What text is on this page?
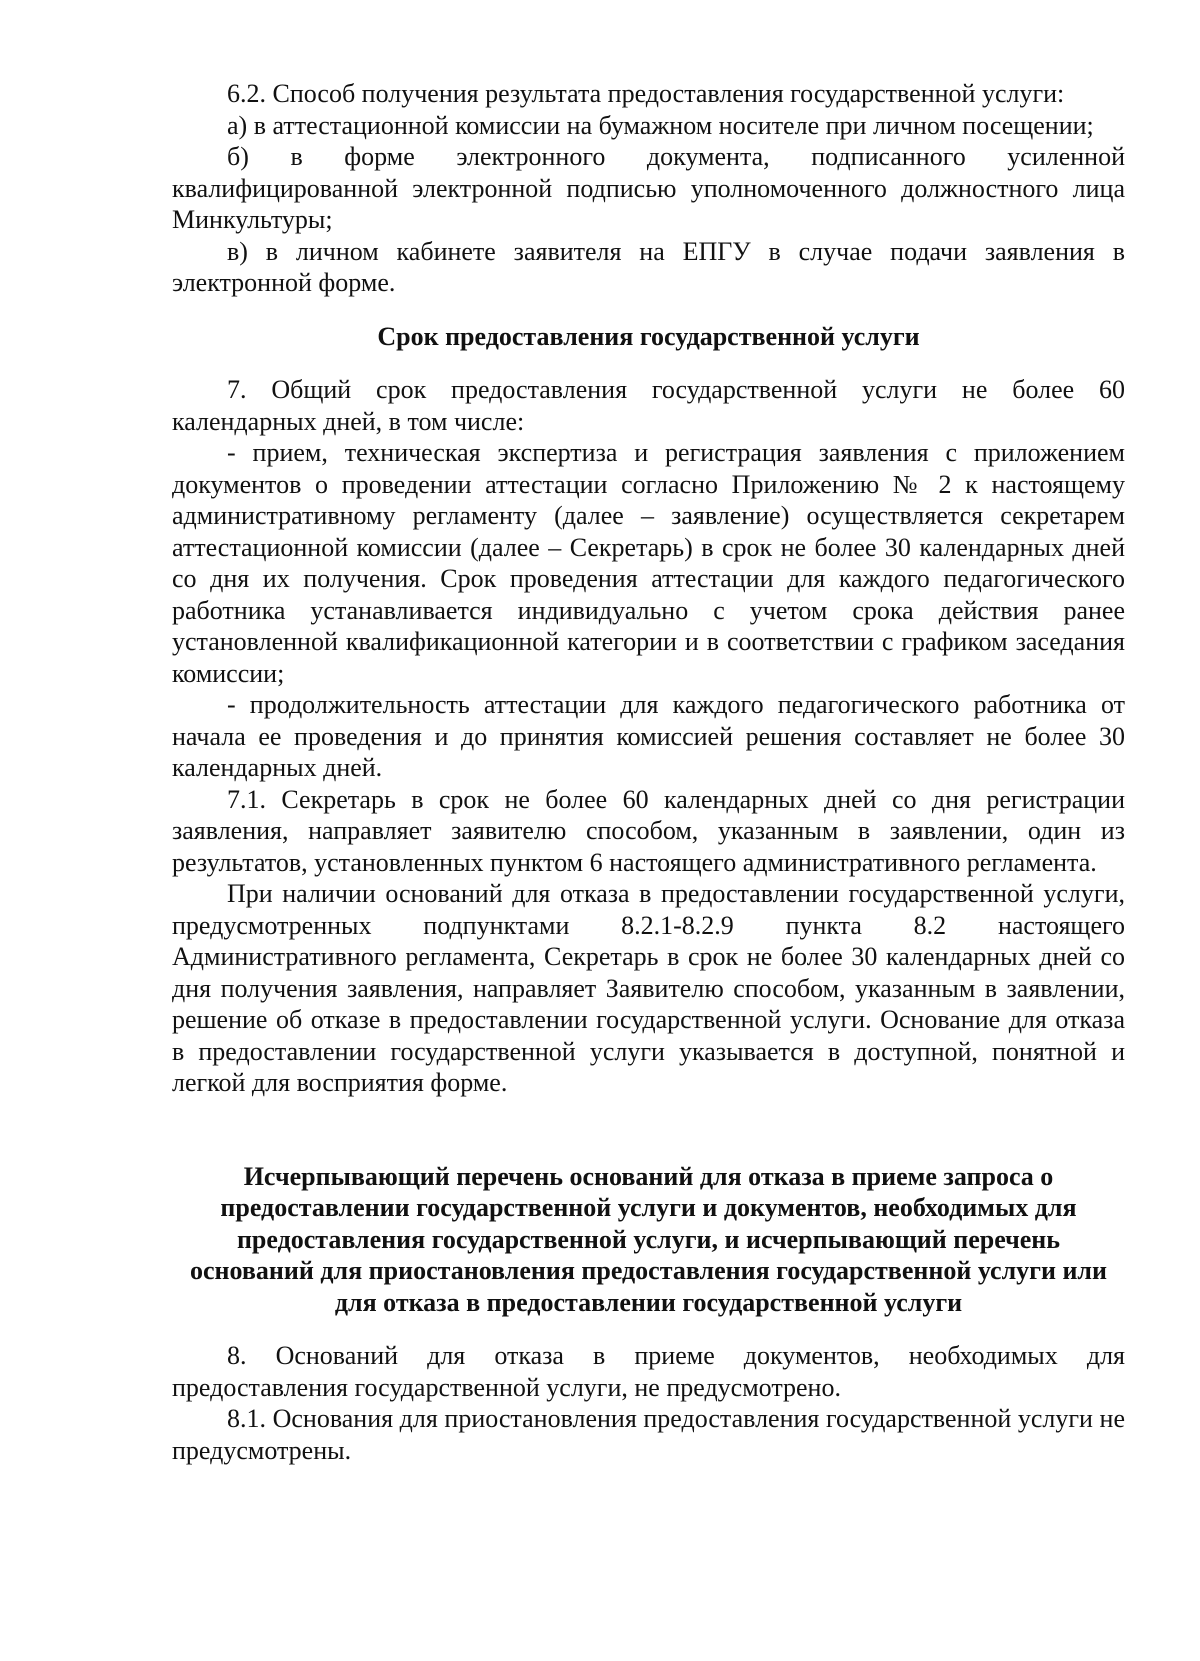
6.2. Способ получения результата предоставления государственной услуги:

а) в аттестационной комиссии на бумажном носителе при личном посещении;

б) в форме электронного документа, подписанного усиленной квалифицированной электронной подписью уполномоченного должностного лица Минкультуры;

в) в личном кабинете заявителя на ЕПГУ в случае подачи заявления в электронной форме.

Срок предоставления государственной услуги

7. Общий срок предоставления государственной услуги не более 60 календарных дней, в том числе:

- прием, техническая экспертиза и регистрация заявления с приложением документов о проведении аттестации согласно Приложению № 2 к настоящему административному регламенту (далее – заявление) осуществляется секретарем аттестационной комиссии (далее – Секретарь) в срок не более 30 календарных дней со дня их получения. Срок проведения аттестации для каждого педагогического работника устанавливается индивидуально с учетом срока действия ранее установленной квалификационной категории и в соответствии с графиком заседания комиссии;

- продолжительность аттестации для каждого педагогического работника от начала ее проведения и до принятия комиссией решения составляет не более 30 календарных дней.

7.1. Секретарь в срок не более 60 календарных дней со дня регистрации заявления, направляет заявителю способом, указанным в заявлении, один из результатов, установленных пунктом 6 настоящего административного регламента.

При наличии оснований для отказа в предоставлении государственной услуги, предусмотренных подпунктами 8.2.1-8.2.9 пункта 8.2 настоящего Административного регламента, Секретарь в срок не более 30 календарных дней со дня получения заявления, направляет Заявителю способом, указанным в заявлении, решение об отказе в предоставлении государственной услуги. Основание для отказа в предоставлении государственной услуги указывается в доступной, понятной и легкой для восприятия форме.

Исчерпывающий перечень оснований для отказа в приеме запроса о предоставлении государственной услуги и документов, необходимых для предоставления государственной услуги, и исчерпывающий перечень оснований для приостановления предоставления государственной услуги или для отказа в предоставлении государственной услуги

8. Оснований для отказа в приеме документов, необходимых для предоставления государственной услуги, не предусмотрено.

8.1. Основания для приостановления предоставления государственной услуги не предусмотрены.
